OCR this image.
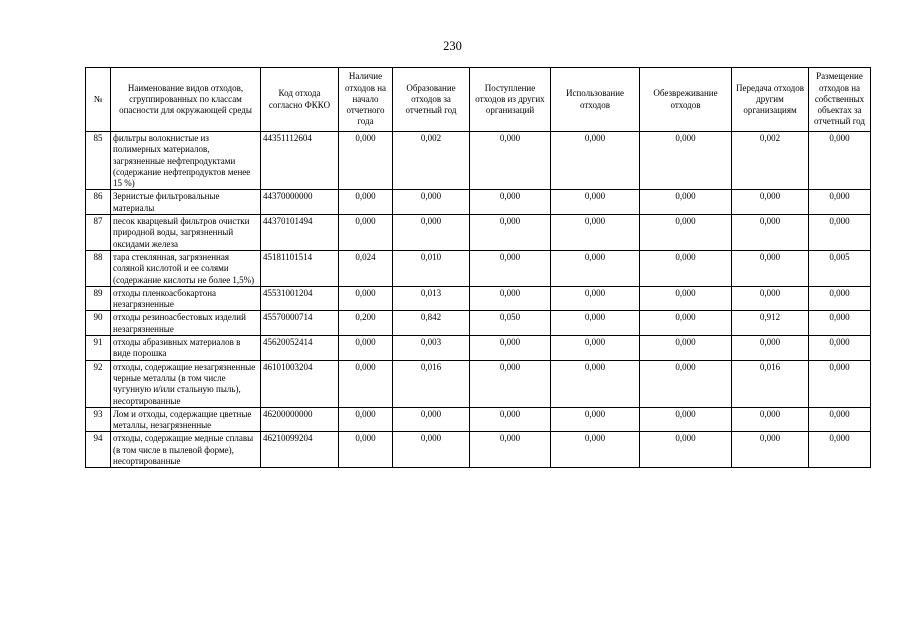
230
№	Наименование видов отходов, сгруппированных по классам опасности для окружающей среды	Код отхода согласно ФККО	Наличие отходов на начало отчетного года	Образование отходов за отчетный год	Поступление отходов из других организаций	Использование отходов	Обезвреживание отходов	Передача отходов другим организациям	Размещение отходов на собственных объектах за отчетный год
85	фильтры волокнистые из полимерных материалов, загрязненные нефтепродуктами (содержание нефтепродуктов менее 15 %)	44351112604	0,000	0,002	0,000	0,000	0,000	0,002	0,000
86	Зернистые фильтровальные материалы	44370000000	0,000	0,000	0,000	0,000	0,000	0,000	0,000
87	песок кварцевый фильтров очистки природной воды, загрязненный оксидами железа	44370101494	0,000	0,000	0,000	0,000	0,000	0,000	0,000
88	тара стеклянная, загрязненная соляной кислотой и ее солями (содержание кислоты не более 1,5%)	45181101514	0,024	0,010	0,000	0,000	0,000	0,000	0,005
89	отходы пленкоасбокартона незагрязненные	45531001204	0,000	0,013	0,000	0,000	0,000	0,000	0,000
90	отходы резиноасбестовых изделий незагрязненные	45570000714	0,200	0,842	0,050	0,000	0,000	0,912	0,000
91	отходы абразивных материалов в виде порошка	45620052414	0,000	0,003	0,000	0,000	0,000	0,000	0,000
92	отходы, содержащие незагрязненные черные металлы (в том числе чугунную и/или стальную пыль), несортированные	46101003204	0,000	0,016	0,000	0,000	0,000	0,016	0,000
93	Лом и отходы, содержащие цветные металлы, незагрязненные	46200000000	0,000	0,000	0,000	0,000	0,000	0,000	0,000
94	отходы, содержащие медные сплавы (в том числе в пылевой форме), несортированные	46210099204	0,000	0,000	0,000	0,000	0,000	0,000	0,000
